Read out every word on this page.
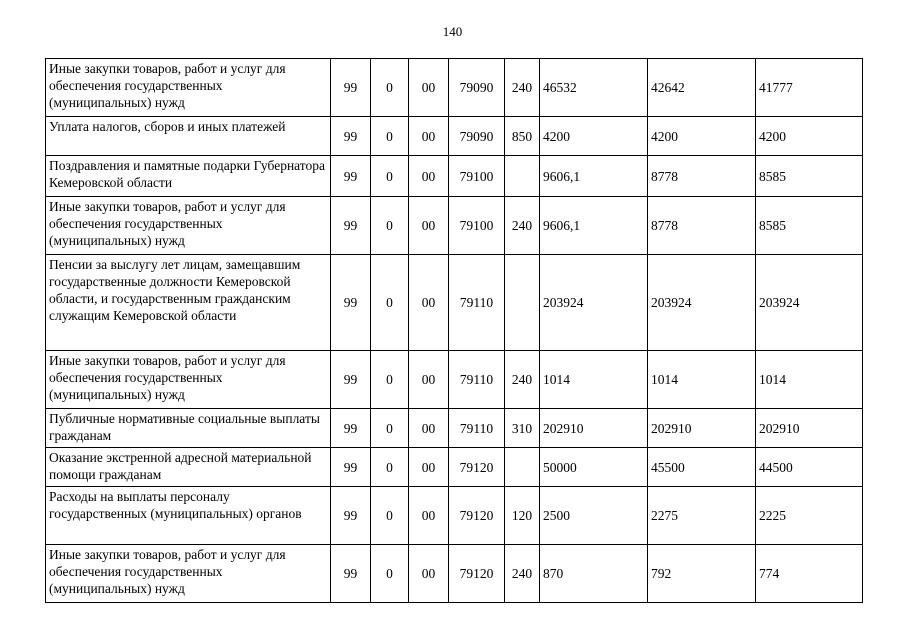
140
Иные закупки товаров, работ и услуг для обеспечения государственных (муниципальных) нужд	99	0	00	79090	240	46532	42642	41777
Уплата налогов, сборов и иных платежей	99	0	00	79090	850	4200	4200	4200
Поздравления и памятные подарки Губернатора Кемеровской области	99	0	00	79100		9606,1	8778	8585
Иные закупки товаров, работ и услуг для обеспечения государственных (муниципальных) нужд	99	0	00	79100	240	9606,1	8778	8585
Пенсии за выслугу лет лицам, замещавшим государственные должности Кемеровской области, и государственным гражданским служащим Кемеровской области	99	0	00	79110		203924	203924	203924
Иные закупки товаров, работ и услуг для обеспечения государственных (муниципальных) нужд	99	0	00	79110	240	1014	1014	1014
Публичные нормативные социальные выплаты гражданам	99	0	00	79110	310	202910	202910	202910
Оказание экстренной адресной материальной помощи гражданам	99	0	00	79120		50000	45500	44500
Расходы на выплаты персоналу государственных (муниципальных) органов	99	0	00	79120	120	2500	2275	2225
Иные закупки товаров, работ и услуг для обеспечения государственных (муниципальных) нужд	99	0	00	79120	240	870	792	774
